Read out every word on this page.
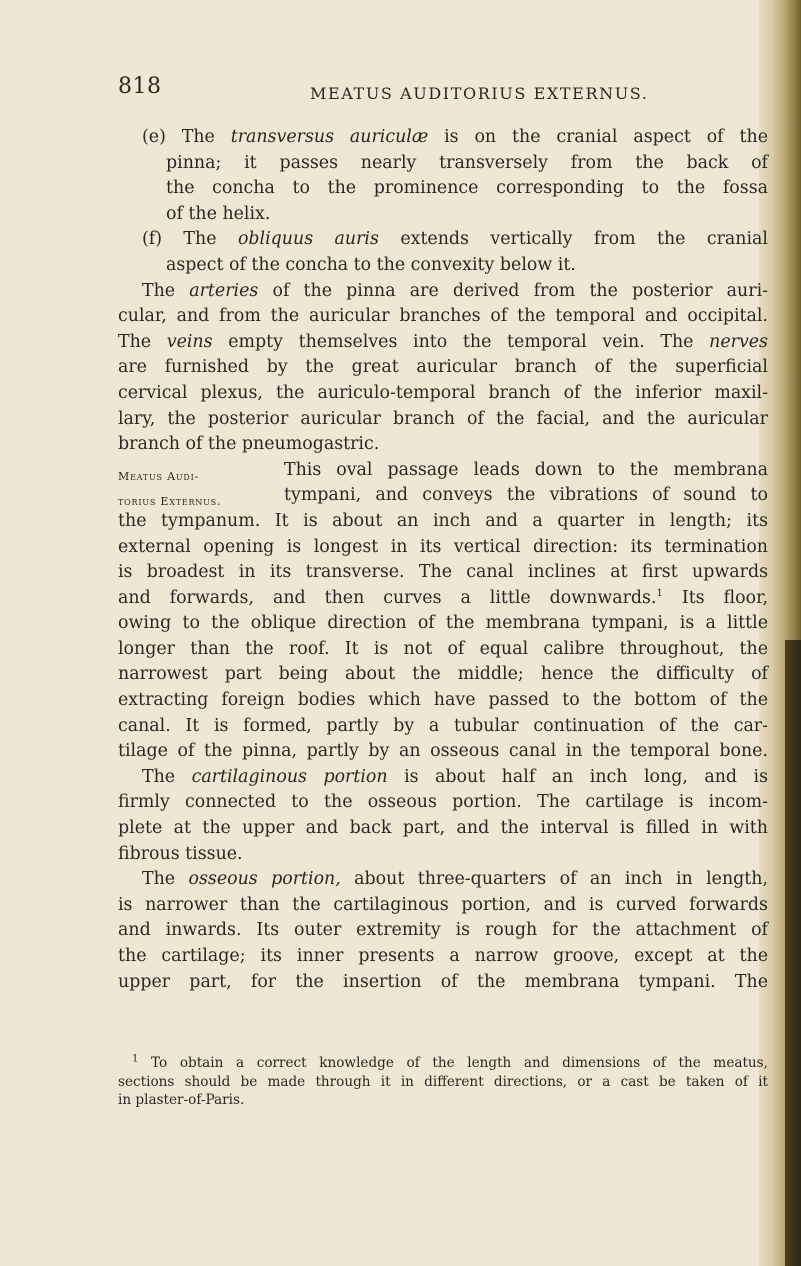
818	MEATUS AUDITORIUS EXTERNUS.
(e) The transversus auriculæ is on the cranial aspect of the
pinna; it passes nearly transversely from the back of
the concha to the prominence corresponding to the fossa
of the helix.
(f) The obliquus auris extends vertically from the cranial
aspect of the concha to the convexity below it.
The arteries of the pinna are derived from the posterior auri-
cular, and from the auricular branches of the temporal and occipital.
The veins empty themselves into the temporal vein. The nerves
are furnished by the great auricular branch of the superficial
cervical plexus, the auriculo-temporal branch of the inferior maxil-
lary, the posterior auricular branch of the facial, and the auricular
branch of the pneumogastric.
Meatus Audi-
torius Externus.
This oval passage leads down to the membrana
tympani, and conveys the vibrations of sound to
the tympanum. It is about an inch and a quarter in length; its
external opening is longest in its vertical direction: its termination
is broadest in its transverse. The canal inclines at first upwards
and forwards, and then curves a little downwards.$^1$ Its floor,
owing to the oblique direction of the membrana tympani, is a little
longer than the roof. It is not of equal calibre throughout, the
narrowest part being about the middle; hence the difficulty of
extracting foreign bodies which have passed to the bottom of the
canal. It is formed, partly by a tubular continuation of the car-
tilage of the pinna, partly by an osseous canal in the temporal bone.
The cartilaginous portion is about half an inch long, and is
firmly connected to the osseous portion. The cartilage is incom-
plete at the upper and back part, and the interval is filled in with
fibrous tissue.
The osseous portion, about three-quarters of an inch in length,
is narrower than the cartilaginous portion, and is curved forwards
and inwards. Its outer extremity is rough for the attachment of
the cartilage; its inner presents a narrow groove, except at the
upper part, for the insertion of the membrana tympani. The
$^1$ To obtain a correct knowledge of the length and dimensions of the meatus,
sections should be made through it in different directions, or a cast be taken of it
in plaster-of-Paris.
